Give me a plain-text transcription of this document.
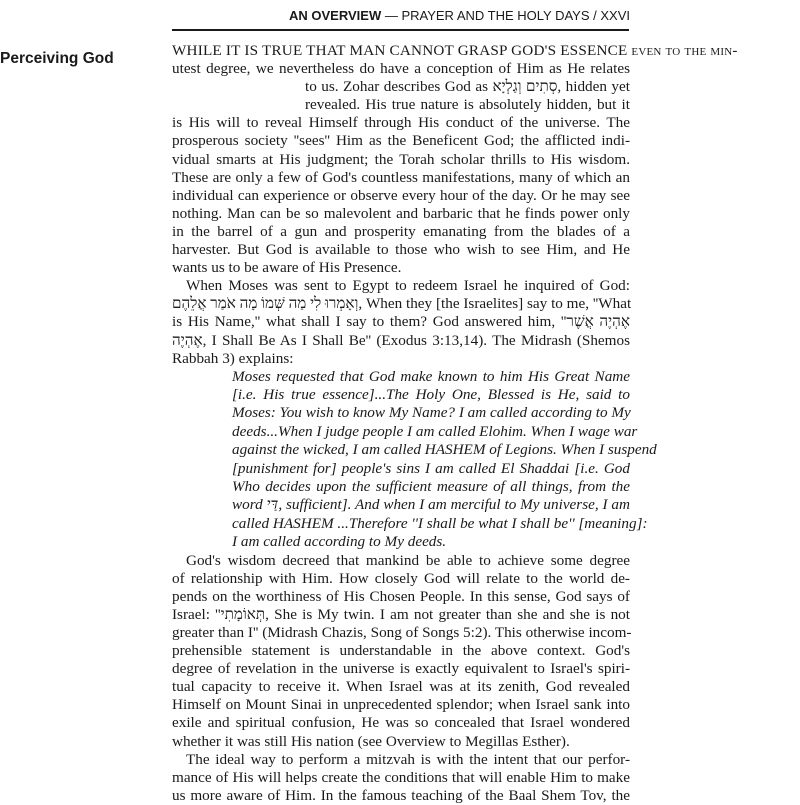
AN OVERVIEW — PRAYER AND THE HOLY DAYS / XXVI
Perceiving God	WHILE IT IS TRUE THAT MAN CANNOT GRASP GOD'S ESSENCE even to the min-
utest degree, we nevertheless do have a conception of Him as He relates
to us. Zohar describes God as סְתִים וְגַלְיָא, hidden yet
revealed. His true nature is absolutely hidden, but it
is His will to reveal Himself through His conduct of the universe. The
prosperous society ''sees'' Him as the Beneficent God; the afflicted indi-
vidual smarts at His judgment; the Torah scholar thrills to His wisdom.
These are only a few of God's countless manifestations, many of which an
individual can experience or observe every hour of the day. Or he may see
nothing. Man can be so malevolent and barbaric that he finds power only
in the barrel of a gun and prosperity emanating from the blades of a
harvester. But God is available to those who wish to see Him, and He
wants us to be aware of His Presence.
When Moses was sent to Egypt to redeem Israel he inquired of God:
וְאָמְרוּ לִי מַה שְּׁמוֹ מָה אֹמַר אֲלֵהֶם, When they [the Israelites] say to me, ''What
is His Name,'' what shall I say to them? God answered him, ''אֶהְיֶה אֲשֶׁר
אֶהְיֶה, I Shall Be As I Shall Be'' (Exodus 3:13,14). The Midrash (Shemos
Rabbah 3) explains:
Moses requested that God make known to him His Great Name
[i.e. His true essence]...The Holy One, Blessed is He, said to
Moses: You wish to know My Name? I am called according to My
deeds...When I judge people I am called Elohim. When I wage war
against the wicked, I am called HASHEM of Legions. When I suspend
[punishment for] people's sins I am called El Shaddai [i.e. God
Who decides upon the sufficient measure of all things, from the
word דַּי, sufficient]. And when I am merciful to My universe, I am
called HASHEM ...Therefore ''I shall be what I shall be'' [meaning]:
I am called according to My deeds.
God's wisdom decreed that mankind be able to achieve some degree
of relationship with Him. How closely God will relate to the world de-
pends on the worthiness of His Chosen People. In this sense, God says of
Israel: ''תְּאוֹמָתִי, She is My twin. I am not greater than she and she is not
greater than I'' (Midrash Chazis, Song of Songs 5:2). This otherwise incom-
prehensible statement is understandable in the above context. God's
degree of revelation in the universe is exactly equivalent to Israel's spiri-
tual capacity to receive it. When Israel was at its zenith, God revealed
Himself on Mount Sinai in unprecedented splendor; when Israel sank into
exile and spiritual confusion, He was so concealed that Israel wondered
whether it was still His nation (see Overview to Megillas Esther).
The ideal way to perform a mitzvah is with the intent that our perfor-
mance of His will helps create the conditions that will enable Him to make
us more aware of Him. In the famous teaching of the Baal Shem Tov, the
